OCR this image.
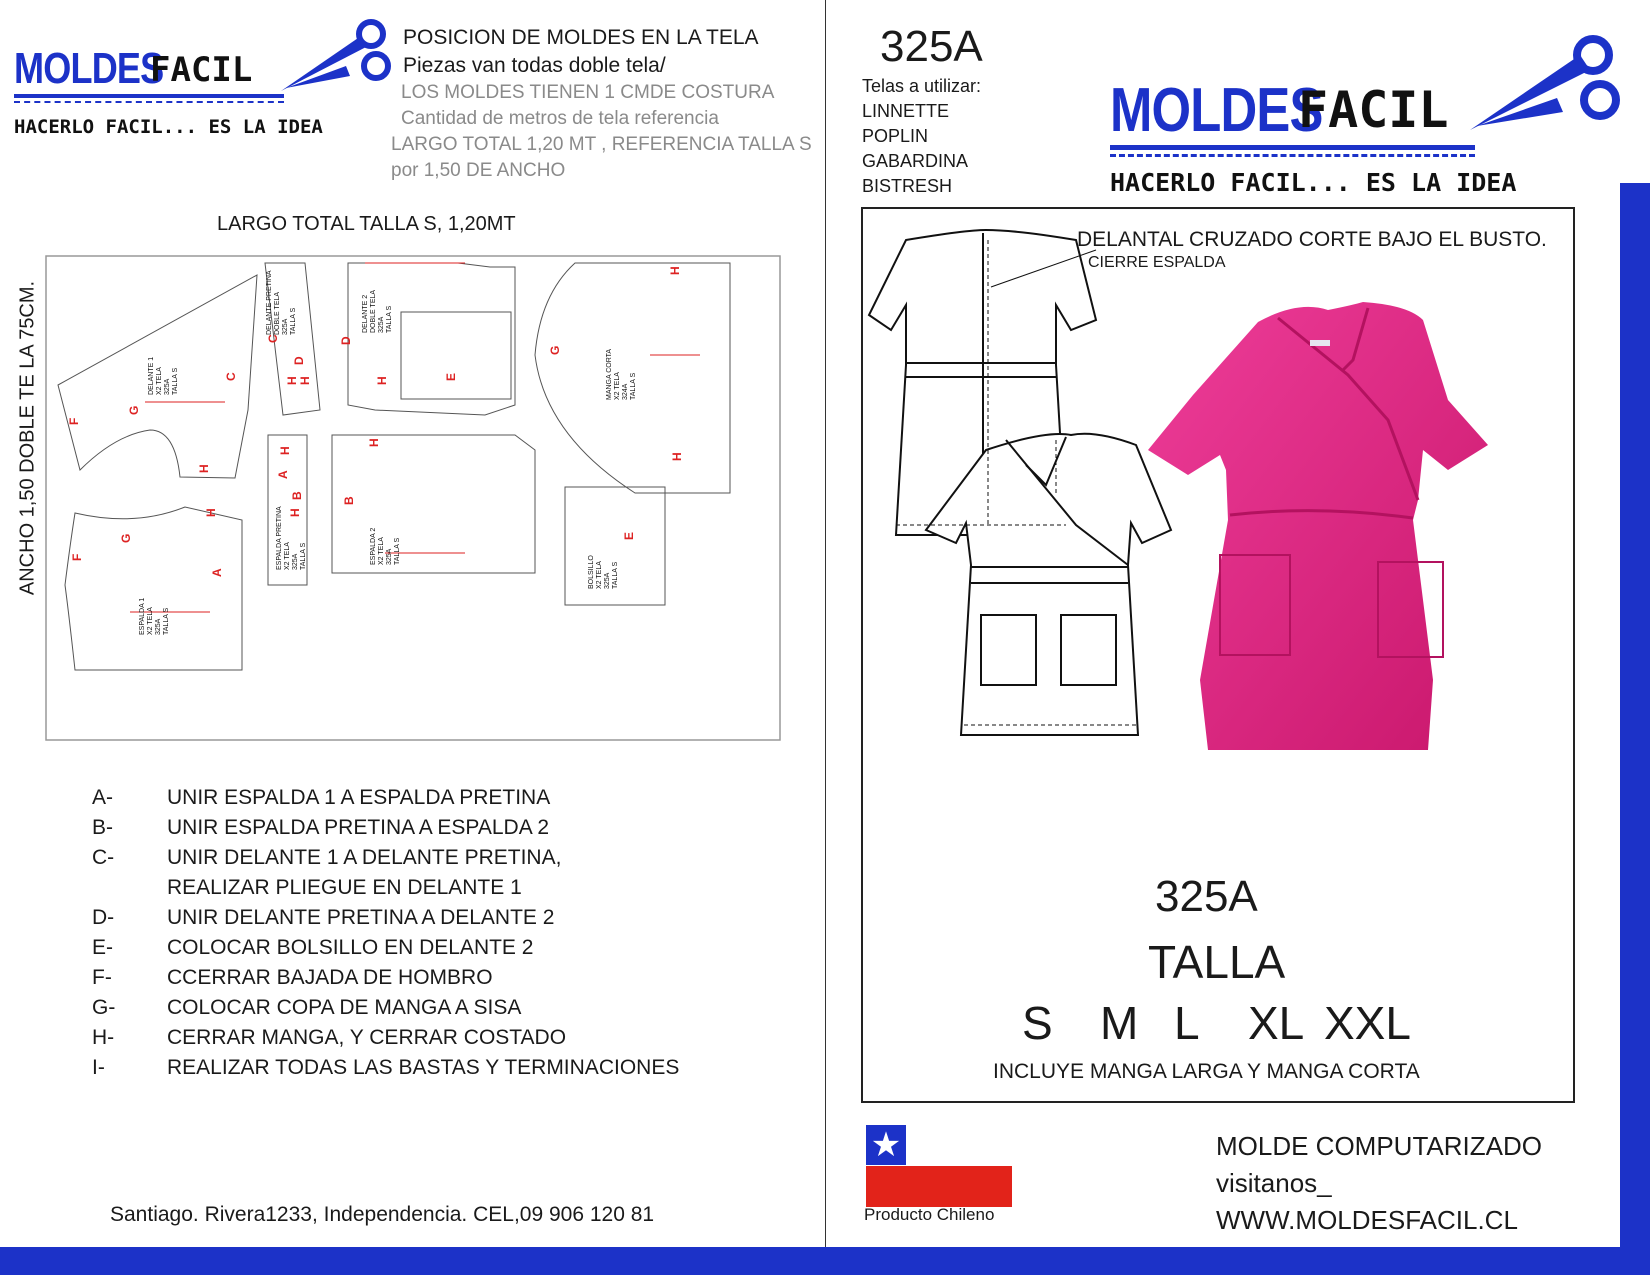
MOLDES
FACIL
HACERLO FACIL... ES LA IDEA
POSICION DE MOLDES EN LA TELA
Piezas van todas doble tela/
LOS MOLDES TIENEN 1 CMDE COSTURA
Cantidad de metros de tela referencia
LARGO TOTAL 1,20 MT , REFERENCIA TALLA S
por 1,50 DE ANCHO
LARGO TOTAL TALLA S, 1,20MT
ANCHO 1,50 DOBLE TE LA 75CM.	DELANTE 1 X2 TELA 325A TALLA S
DELANTE PRETINA DOBLE TELA 325A TALLA S	DELANTE 2 DOBLE TELA 325A TALLA S
MANGA CORTA X2 TELA 324A TALLA S
ESPALDA 1 X2 TELA 325A TALLA S
ESPALDA PRETINA X2 TELA 325A TALLA S	ESPALDA 2 X2 TELA 325A TALLA S
BOLSILLO X2 TELA 325A TALLA S
F
G
C
H
C
D
H H
D
H	E
H
G
H
H
A
B
H
H
B
E
F
G
H
A
A-	UNIR ESPALDA 1 A ESPALDA PRETINA
B-	UNIR ESPALDA PRETINA A ESPALDA 2
C-	UNIR DELANTE 1 A DELANTE PRETINA,
REALIZAR PLIEGUE EN DELANTE 1
D-	UNIR DELANTE PRETINA A DELANTE 2
E-	COLOCAR BOLSILLO EN DELANTE 2
F-	CCERRAR BAJADA DE HOMBRO
G-	COLOCAR COPA DE MANGA A SISA
H-	CERRAR MANGA, Y CERRAR COSTADO
I-	REALIZAR TODAS LAS BASTAS Y TERMINACIONES
Santiago. Rivera1233, Independencia. CEL,09 906 120 81
325A
Telas a utilizar:
LINNETTE
POPLIN
GABARDINA
BISTRESH
MOLDES
FACIL
HACERLO FACIL... ES LA IDEA
DELANTAL CRUZADO CORTE BAJO EL BUSTO.
CIERRE ESPALDA
325A
TALLA
S M L XL XXL
INCLUYE MANGA LARGA Y MANGA CORTA
★
Producto Chileno
MOLDE COMPUTARIZADO
visitanos_
WWW.MOLDESFACIL.CL
